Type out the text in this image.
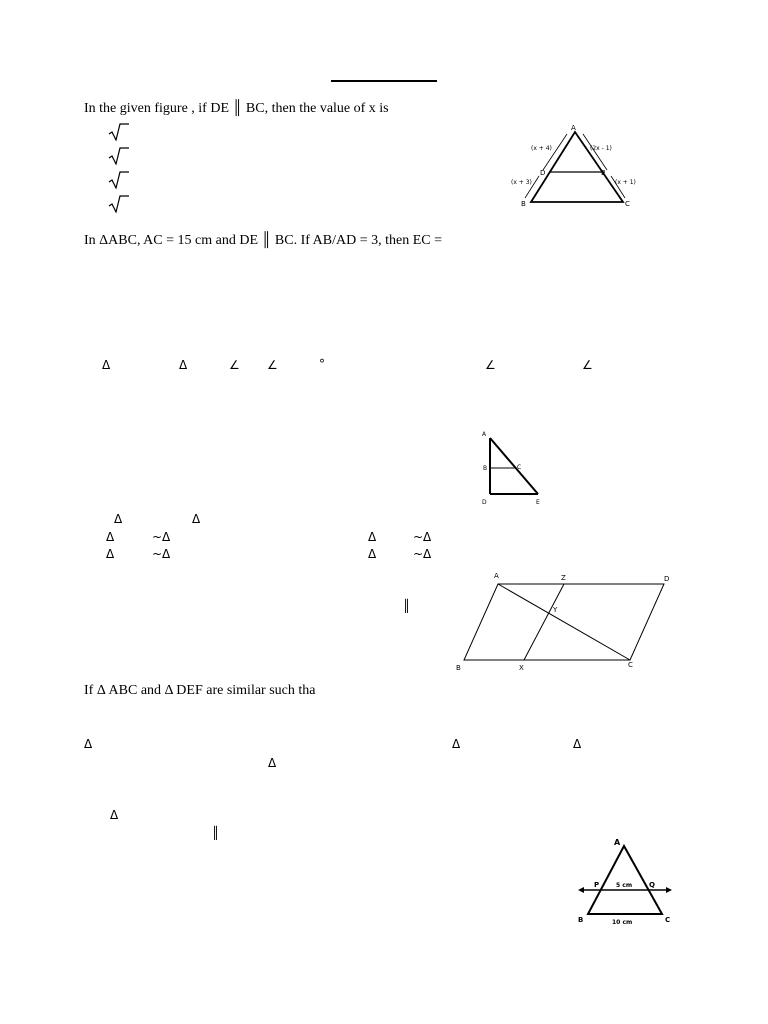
In the given figure , if DE ║ BC, then the value of x is
A
B	C
D	E
(x + 4)	(2x - 1)
(x + 3)	(x + 1)
In ΔABC, AC = 15 cm and DE ║ BC. If AB/AD = 3, then EC =
Δ	Δ	∠ ∠	°	∠	∠
A
B	C
D	E
Δ	Δ
Δ	~Δ	Δ	~Δ
Δ	~Δ	Δ	~Δ
║
A	Z	D
Y
B	X	C
If Δ ABC and Δ DEF are similar such tha
Δ	Δ	Δ
Δ
Δ
║
A
P	Q
5 cm
B	C
10 cm
